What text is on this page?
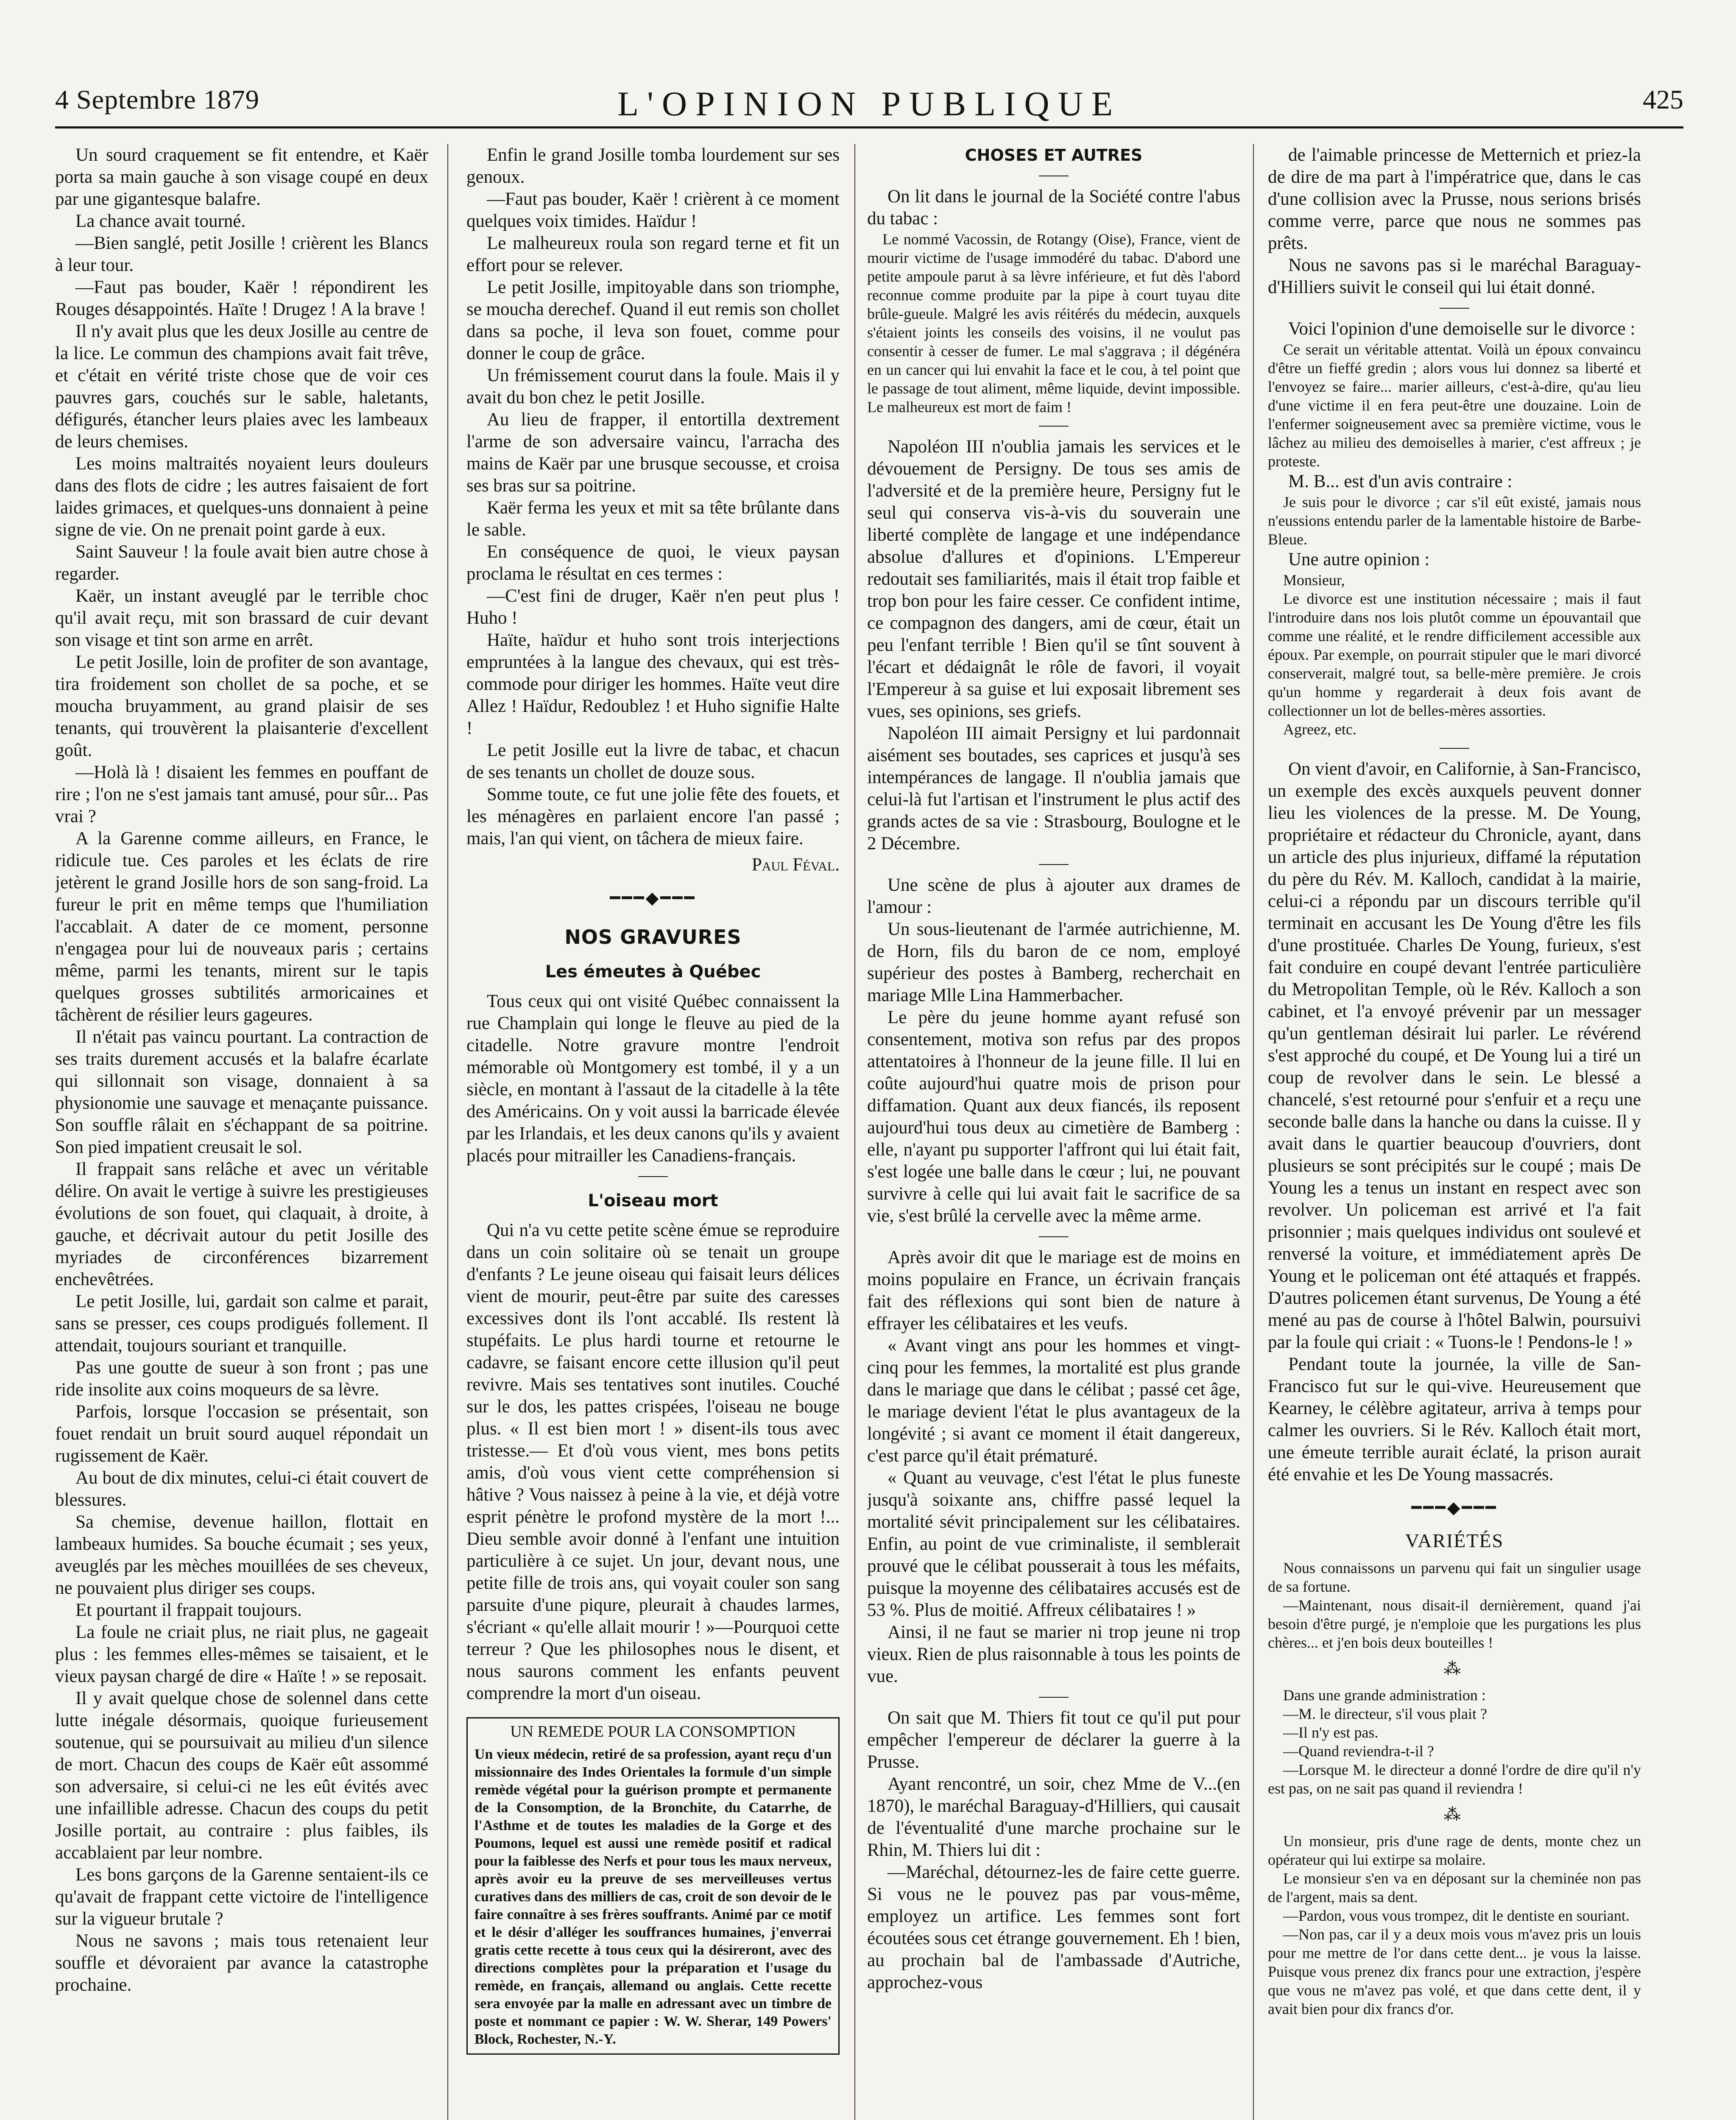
4 Septembre 1879	L'OPINION PUBLIQUE	425

Un sourd craquement se fit entendre, et Kaër porta sa main gauche à son visage coupé en deux par une gigantesque balafre.

La chance avait tourné.

—Bien sanglé, petit Josille ! crièrent les Blancs à leur tour.

—Faut pas bouder, Kaër ! répondirent les Rouges désappointés. Haïte ! Drugez ! A la brave !

Il n'y avait plus que les deux Josille au centre de la lice. Le commun des champions avait fait trêve, et c'était en vérité triste chose que de voir ces pauvres gars, couchés sur le sable, haletants, défigurés, étancher leurs plaies avec les lambeaux de leurs chemises.

Les moins maltraités noyaient leurs douleurs dans des flots de cidre ; les autres faisaient de fort laides grimaces, et quelques-uns donnaient à peine signe de vie. On ne prenait point garde à eux.

Saint Sauveur ! la foule avait bien autre chose à regarder.

Kaër, un instant aveuglé par le terrible choc qu'il avait reçu, mit son brassard de cuir devant son visage et tint son arme en arrêt.

Le petit Josille, loin de profiter de son avantage, tira froidement son chollet de sa poche, et se moucha bruyamment, au grand plaisir de ses tenants, qui trouvèrent la plaisanterie d'excellent goût.

—Holà là ! disaient les femmes en pouffant de rire ; l'on ne s'est jamais tant amusé, pour sûr... Pas vrai ?

A la Garenne comme ailleurs, en France, le ridicule tue. Ces paroles et les éclats de rire jetèrent le grand Josille hors de son sang-froid. La fureur le prit en même temps que l'humiliation l'accablait. A dater de ce moment, personne n'engagea pour lui de nouveaux paris ; certains même, parmi les tenants, mirent sur le tapis quelques grosses subtilités armoricaines et tâchèrent de résilier leurs gageures.

Il n'était pas vaincu pourtant. La contraction de ses traits durement accusés et la balafre écarlate qui sillonnait son visage, donnaient à sa physionomie une sauvage et menaçante puissance. Son souffle râlait en s'échappant de sa poitrine. Son pied impatient creusait le sol.

Il frappait sans relâche et avec un véritable délire. On avait le vertige à suivre les prestigieuses évolutions de son fouet, qui claquait, à droite, à gauche, et décrivait autour du petit Josille des myriades de circonférences bizarrement enchevêtrées.

Le petit Josille, lui, gardait son calme et parait, sans se presser, ces coups prodigués follement. Il attendait, toujours souriant et tranquille.

Pas une goutte de sueur à son front ; pas une ride insolite aux coins moqueurs de sa lèvre.

Parfois, lorsque l'occasion se présentait, son fouet rendait un bruit sourd auquel répondait un rugissement de Kaër.

Au bout de dix minutes, celui-ci était couvert de blessures.

Sa chemise, devenue haillon, flottait en lambeaux humides. Sa bouche écumait ; ses yeux, aveuglés par les mèches mouillées de ses cheveux, ne pouvaient plus diriger ses coups.

Et pourtant il frappait toujours.

La foule ne criait plus, ne riait plus, ne gageait plus : les femmes elles-mêmes se taisaient, et le vieux paysan chargé de dire « Haïte ! » se reposait.

Il y avait quelque chose de solennel dans cette lutte inégale désormais, quoique furieusement soutenue, qui se poursuivait au milieu d'un silence de mort. Chacun des coups de Kaër eût assommé son adversaire, si celui-ci ne les eût évités avec une infaillible adresse. Chacun des coups du petit Josille portait, au contraire : plus faibles, ils accablaient par leur nombre.

Les bons garçons de la Garenne sentaient-ils ce qu'avait de frappant cette victoire de l'intelligence sur la vigueur brutale ?

Nous ne savons ; mais tous retenaient leur souffle et dévoraient par avance la catastrophe prochaine.

Enfin le grand Josille tomba lourdement sur ses genoux.

—Faut pas bouder, Kaër ! crièrent à ce moment quelques voix timides. Haïdur !

Le malheureux roula son regard terne et fit un effort pour se relever.

Le petit Josille, impitoyable dans son triomphe, se moucha derechef. Quand il eut remis son chollet dans sa poche, il leva son fouet, comme pour donner le coup de grâce.

Un frémissement courut dans la foule. Mais il y avait du bon chez le petit Josille.

Au lieu de frapper, il entortilla dextrement l'arme de son adversaire vaincu, l'arracha des mains de Kaër par une brusque secousse, et croisa ses bras sur sa poitrine.

Kaër ferma les yeux et mit sa tête brûlante dans le sable.

En conséquence de quoi, le vieux paysan proclama le résultat en ces termes :

—C'est fini de druger, Kaër n'en peut plus ! Huho !

Haïte, haïdur et huho sont trois interjections empruntées à la langue des chevaux, qui est très-commode pour diriger les hommes. Haïte veut dire Allez ! Haïdur, Redoublez ! et Huho signifie Halte !

Le petit Josille eut la livre de tabac, et chacun de ses tenants un chollet de douze sous.

Somme toute, ce fut une jolie fête des fouets, et les ménagères en parlaient encore l'an passé ; mais, l'an qui vient, on tâchera de mieux faire.

Paul Féval.

━━━◆━━━
NOS GRAVURES
Les émeutes à Québec

Tous ceux qui ont visité Québec connaissent la rue Champlain qui longe le fleuve au pied de la citadelle. Notre gravure montre l'endroit mémorable où Montgomery est tombé, il y a un siècle, en montant à l'assaut de la citadelle à la tête des Américains. On y voit aussi la barricade élevée par les Irlandais, et les deux canons qu'ils y avaient placés pour mitrailler les Canadiens-français.

L'oiseau mort

Qui n'a vu cette petite scène émue se reproduire dans un coin solitaire où se tenait un groupe d'enfants ? Le jeune oiseau qui faisait leurs délices vient de mourir, peut-être par suite des caresses excessives dont ils l'ont accablé. Ils restent là stupéfaits. Le plus hardi tourne et retourne le cadavre, se faisant encore cette illusion qu'il peut revivre. Mais ses tentatives sont inutiles. Couché sur le dos, les pattes crispées, l'oiseau ne bouge plus. « Il est bien mort ! » disent-ils tous avec tristesse.— Et d'où vous vient, mes bons petits amis, d'où vous vient cette compréhension si hâtive ? Vous naissez à peine à la vie, et déjà votre esprit pénètre le profond mystère de la mort !... Dieu semble avoir donné à l'enfant une intuition particulière à ce sujet. Un jour, devant nous, une petite fille de trois ans, qui voyait couler son sang parsuite d'une piqure, pleurait à chaudes larmes, s'écriant « qu'elle allait mourir ! »—Pourquoi cette terreur ? Que les philosophes nous le disent, et nous saurons comment les enfants peuvent comprendre la mort d'un oiseau.

UN REMEDE POUR LA CONSOMPTION

Un vieux médecin, retiré de sa profession, ayant reçu d'un missionnaire des Indes Orientales la formule d'un simple remède végétal pour la guérison prompte et permanente de la Consomption, de la Bronchite, du Catarrhe, de l'Asthme et de toutes les maladies de la Gorge et des Poumons, lequel est aussi une remède positif et radical pour la faiblesse des Nerfs et pour tous les maux nerveux, après avoir eu la preuve de ses merveilleuses vertus curatives dans des milliers de cas, croit de son devoir de le faire connaître à ses frères souffrants. Animé par ce motif et le désir d'alléger les souffrances humaines, j'enverrai gratis cette recette à tous ceux qui la désireront, avec des directions complètes pour la préparation et l'usage du remède, en français, allemand ou anglais. Cette recette sera envoyée par la malle en adressant avec un timbre de poste et nommant ce papier : W. W. Sherar, 149 Powers' Block, Rochester, N.-Y.

CHOSES ET AUTRES

On lit dans le journal de la Société contre l'abus du tabac :

Le nommé Vacossin, de Rotangy (Oise), France, vient de mourir victime de l'usage immodéré du tabac. D'abord une petite ampoule parut à sa lèvre inférieure, et fut dès l'abord reconnue comme produite par la pipe à court tuyau dite brûle-gueule. Malgré les avis réitérés du médecin, auxquels s'étaient joints les conseils des voisins, il ne voulut pas consentir à cesser de fumer. Le mal s'aggrava ; il dégénéra en un cancer qui lui envahit la face et le cou, à tel point que le passage de tout aliment, même liquide, devint impossible. Le malheureux est mort de faim !

Napoléon III n'oublia jamais les services et le dévouement de Persigny. De tous ses amis de l'adversité et de la première heure, Persigny fut le seul qui conserva vis-à-vis du souverain une liberté complète de langage et une indépendance absolue d'allures et d'opinions. L'Empereur redoutait ses familiarités, mais il était trop faible et trop bon pour les faire cesser. Ce confident intime, ce compagnon des dangers, ami de cœur, était un peu l'enfant terrible ! Bien qu'il se tînt souvent à l'écart et dédaignât le rôle de favori, il voyait l'Empereur à sa guise et lui exposait librement ses vues, ses opinions, ses griefs.

Napoléon III aimait Persigny et lui pardonnait aisément ses boutades, ses caprices et jusqu'à ses intempérances de langage. Il n'oublia jamais que celui-là fut l'artisan et l'instrument le plus actif des grands actes de sa vie : Strasbourg, Boulogne et le 2 Décembre.

Une scène de plus à ajouter aux drames de l'amour :

Un sous-lieutenant de l'armée autrichienne, M. de Horn, fils du baron de ce nom, employé supérieur des postes à Bamberg, recherchait en mariage Mlle Lina Hammerbacher.

Le père du jeune homme ayant refusé son consentement, motiva son refus par des propos attentatoires à l'honneur de la jeune fille. Il lui en coûte aujourd'hui quatre mois de prison pour diffamation. Quant aux deux fiancés, ils reposent aujourd'hui tous deux au cimetière de Bamberg : elle, n'ayant pu supporter l'affront qui lui était fait, s'est logée une balle dans le cœur ; lui, ne pouvant survivre à celle qui lui avait fait le sacrifice de sa vie, s'est brûlé la cervelle avec la même arme.

Après avoir dit que le mariage est de moins en moins populaire en France, un écrivain français fait des réflexions qui sont bien de nature à effrayer les célibataires et les veufs.

« Avant vingt ans pour les hommes et vingt-cinq pour les femmes, la mortalité est plus grande dans le mariage que dans le célibat ; passé cet âge, le mariage devient l'état le plus avantageux de la longévité ; si avant ce moment il était dangereux, c'est parce qu'il était prématuré.

« Quant au veuvage, c'est l'état le plus funeste jusqu'à soixante ans, chiffre passé lequel la mortalité sévit principalement sur les célibataires. Enfin, au point de vue criminaliste, il semblerait prouvé que le célibat pousserait à tous les méfaits, puisque la moyenne des célibataires accusés est de 53 %. Plus de moitié. Affreux célibataires ! »

Ainsi, il ne faut se marier ni trop jeune ni trop vieux. Rien de plus raisonnable à tous les points de vue.

On sait que M. Thiers fit tout ce qu'il put pour empêcher l'empereur de déclarer la guerre à la Prusse.

Ayant rencontré, un soir, chez Mme de V...(en 1870), le maréchal Baraguay-d'Hilliers, qui causait de l'éventualité d'une marche prochaine sur le Rhin, M. Thiers lui dit :

—Maréchal, détournez-les de faire cette guerre. Si vous ne le pouvez pas par vous-même, employez un artifice. Les femmes sont fort écoutées sous cet étrange gouvernement. Eh ! bien, au prochain bal de l'ambassade d'Autriche, approchez-vous

de l'aimable princesse de Metternich et priez-la de dire de ma part à l'impératrice que, dans le cas d'une collision avec la Prusse, nous serions brisés comme verre, parce que nous ne sommes pas prêts.

Nous ne savons pas si le maréchal Baraguay-d'Hilliers suivit le conseil qui lui était donné.

Voici l'opinion d'une demoiselle sur le divorce :

Ce serait un véritable attentat. Voilà un époux convaincu d'être un fieffé gredin ; alors vous lui donnez sa liberté et l'envoyez se faire... marier ailleurs, c'est-à-dire, qu'au lieu d'une victime il en fera peut-être une douzaine. Loin de l'enfermer soigneusement avec sa première victime, vous le lâchez au milieu des demoiselles à marier, c'est affreux ; je proteste.

M. B... est d'un avis contraire :

Je suis pour le divorce ; car s'il eût existé, jamais nous n'eussions entendu parler de la lamentable histoire de Barbe-Bleue.

Une autre opinion :

Monsieur,

Le divorce est une institution nécessaire ; mais il faut l'introduire dans nos lois plutôt comme un épouvantail que comme une réalité, et le rendre difficilement accessible aux époux. Par exemple, on pourrait stipuler que le mari divorcé conserverait, malgré tout, sa belle-mère première. Je crois qu'un homme y regarderait à deux fois avant de collectionner un lot de belles-mères assorties.

Agreez, etc.

On vient d'avoir, en Californie, à San-Francisco, un exemple des excès auxquels peuvent donner lieu les violences de la presse. M. De Young, propriétaire et rédacteur du Chronicle, ayant, dans un article des plus injurieux, diffamé la réputation du père du Rév. M. Kalloch, candidat à la mairie, celui-ci a répondu par un discours terrible qu'il terminait en accusant les De Young d'être les fils d'une prostituée. Charles De Young, furieux, s'est fait conduire en coupé devant l'entrée particulière du Metropolitan Temple, où le Rév. Kalloch a son cabinet, et l'a envoyé prévenir par un messager qu'un gentleman désirait lui parler. Le révérend s'est approché du coupé, et De Young lui a tiré un coup de revolver dans le sein. Le blessé a chancelé, s'est retourné pour s'enfuir et a reçu une seconde balle dans la hanche ou dans la cuisse. Il y avait dans le quartier beaucoup d'ouvriers, dont plusieurs se sont précipités sur le coupé ; mais De Young les a tenus un instant en respect avec son revolver. Un policeman est arrivé et l'a fait prisonnier ; mais quelques individus ont soulevé et renversé la voiture, et immédiatement après De Young et le policeman ont été attaqués et frappés. D'autres policemen étant survenus, De Young a été mené au pas de course à l'hôtel Balwin, poursuivi par la foule qui criait : « Tuons-le ! Pendons-le ! »

Pendant toute la journée, la ville de San-Francisco fut sur le qui-vive. Heureusement que Kearney, le célèbre agitateur, arriva à temps pour calmer les ouvriers. Si le Rév. Kalloch était mort, une émeute terrible aurait éclaté, la prison aurait été envahie et les De Young massacrés.

━━━◆━━━
VARIÉTÉS

Nous connaissons un parvenu qui fait un singulier usage de sa fortune.

—Maintenant, nous disait-il dernièrement, quand j'ai besoin d'être purgé, je n'emploie que les purgations les plus chères... et j'en bois deux bouteilles !

⁂

Dans une grande administration :

—M. le directeur, s'il vous plait ?

—Il n'y est pas.

—Quand reviendra-t-il ?

—Lorsque M. le directeur a donné l'ordre de dire qu'il n'y est pas, on ne sait pas quand il reviendra !

⁂

Un monsieur, pris d'une rage de dents, monte chez un opérateur qui lui extirpe sa molaire.

Le monsieur s'en va en déposant sur la cheminée non pas de l'argent, mais sa dent.

—Pardon, vous vous trompez, dit le dentiste en souriant.

—Non pas, car il y a deux mois vous m'avez pris un louis pour me mettre de l'or dans cette dent... je vous la laisse. Puisque vous prenez dix francs pour une extraction, j'espère que vous ne m'avez pas volé, et que dans cette dent, il y avait bien pour dix francs d'or.
